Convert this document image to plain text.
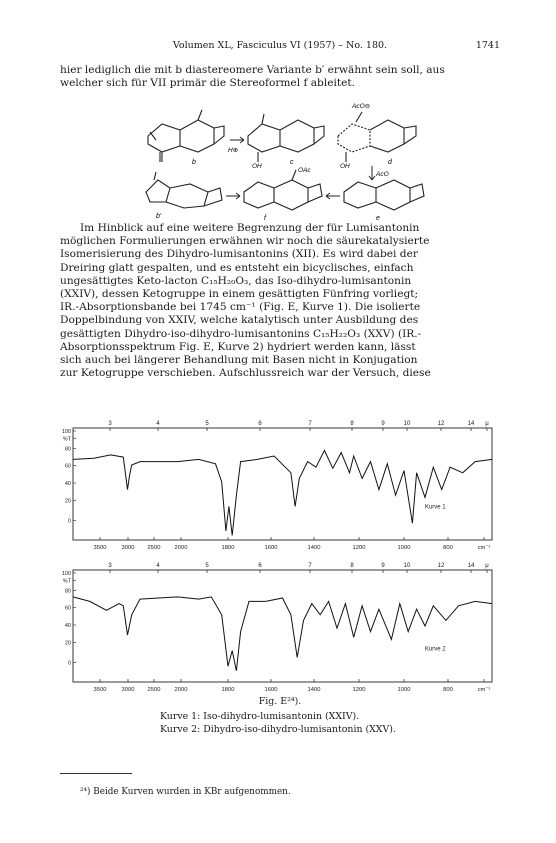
Volumen XL, Fasciculus VI (1957) – No. 180.	1741

hier lediglich die mit b diastereomere Variante b′ erwähnt sein soll, aus

welcher sich für VII primär die Stereoformel f ableitet.

b
H⊕
OH
c
AcO⊖
OH
d
AcO
b′
OAc
f	e

Im Hinblick auf eine weitere Begrenzung der für Lumisantonin

möglichen Formulierungen erwähnen wir noch die säurekatalysierte

Isomerisierung des Dihydro-lumisantonins (XII). Es wird dabei der

Dreiring glatt gespalten, und es entsteht ein bicyclisches, einfach

ungesättigtes Keto-lacton C₁₅H₂₀O₃, das Iso-dihydro-lumisantonin

(XXIV), dessen Ketogruppe in einem gesättigten Fünfring vorliegt;

IR.-Absorptionsbande bei 1745 cm⁻¹ (Fig. E, Kurve 1). Die isolierte

Doppelbindung von XXIV, welche katalytisch unter Ausbildung des

gesättigten Dihydro-iso-dihydro-lumisantonins C₁₅H₂₂O₃ (XXV) (IR.-

Absorptionsspektrum Fig. E, Kurve 2) hydriert werden kann, lässt

sich auch bei längerer Behandlung mit Basen nicht in Konjugation

zur Ketogruppe verschieben. Aufschlussreich war der Versuch, diese

3	4	5	6	7	8	9	10	12	14 μ
3500	3000 2500 2000	1800	1600	1400	1200	1000	800	cm⁻¹
100
%T
80
60
40
20
0
Kurve 1
3	4	5	6	7	8	9	10	12	14 μ
3500	3000 2500 2000	1800	1600	1400	1200	1000	800	cm⁻¹
100
%T
80
60
40
20
0
Kurve 2
Fig. E²⁴).
Kurve 1: Iso-dihydro-lumisantonin (XXIV).
Kurve 2: Dihydro-iso-dihydro-lumisantonin (XXV).
²⁴) Beide Kurven wurden in KBr aufgenommen.
